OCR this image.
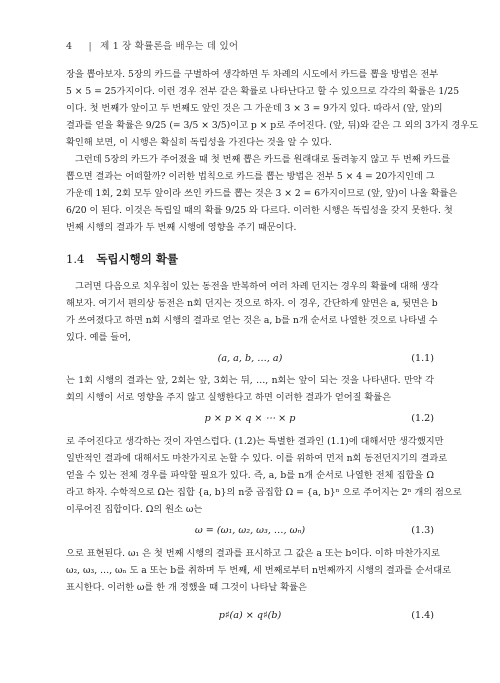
4 | 제 1 장 확률론을 배우는 데 있어
장을 뽑아보자. 5장의 카드를 구별하여 생각하면 두 차례의 시도에서 카드를 뽑을 방법은 전부
5 × 5 = 25가지이다. 이런 경우 전부 같은 확률로 나타난다고 할 수 있으므로 각각의 확률은 1/25
이다. 첫 번째가 앞이고 두 번째도 앞인 것은 그 가운데 3 × 3 = 9가지 있다. 따라서 (앞, 앞)의
결과를 얻을 확률은 9/25 (= 3/5 × 3/5)이고 p × p로 주어진다. (앞, 뒤)와 같은 그 외의 3가지 경우도
확인해 보면, 이 시행은 확실히 독립성을 가진다는 것을 알 수 있다.
그런데 5장의 카드가 주어졌을 때 첫 번째 뽑은 카드를 원래대로 돌려놓지 않고 두 번째 카드를
뽑으면 결과는 어떠할까? 이러한 법칙으로 카드를 뽑는 방법은 전부 5 × 4 = 20가지인데 그
가운데 1회, 2회 모두 앞이라 쓰인 카드를 뽑는 것은 3 × 2 = 6가지이므로 (앞, 앞)이 나올 확률은
6/20 이 된다. 이것은 독립일 때의 확률 9/25 와 다르다. 이러한 시행은 독립성을 갖지 못한다. 첫
번째 시행의 결과가 두 번째 시행에 영향을 주기 때문이다.
1.4 독립시행의 확률
그러면 다음으로 치우침이 있는 동전을 반복하여 여러 차례 던지는 경우의 확률에 대해 생각
해보자. 여기서 편의상 동전은 n회 던지는 것으로 하자. 이 경우, 간단하게 앞면은 a, 뒷면은 b
가 쓰여졌다고 하면 n회 시행의 결과로 얻는 것은 a, b를 n개 순서로 나열한 것으로 나타낼 수
있다. 예를 들어,
(a, a, b, …, a)	(1.1)
는 1회 시행의 결과는 앞, 2회는 앞, 3회는 뒤, …, n회는 앞이 되는 것을 나타낸다. 만약 각
회의 시행이 서로 영향을 주지 않고 실행한다고 하면 이러한 결과가 얻어질 확률은
p × p × q × ⋯ × p	(1.2)
로 주어진다고 생각하는 것이 자연스럽다. (1.2)는 특별한 결과인 (1.1)에 대해서만 생각했지만
일반적인 결과에 대해서도 마찬가지로 논할 수 있다. 이를 위하여 먼저 n회 동전던지기의 결과로
얻을 수 있는 전체 경우를 파악할 필요가 있다. 즉, a, b를 n개 순서로 나열한 전체 집합을 Ω
라고 하자. 수학적으로 Ω는 집합 {a, b}의 n중 곱집합 Ω = {a, b}ⁿ 으로 주어지는 2ⁿ 개의 점으로
이루어진 집합이다. Ω의 원소 ω는
ω = (ω₁, ω₂, ω₃, …, ωₙ)	(1.3)
으로 표현된다. ω₁ 은 첫 번째 시행의 결과를 표시하고 그 값은 a 또는 b이다. 이하 마찬가지로
ω₂, ω₃, …, ωₙ 도 a 또는 b를 취하며 두 번째, 세 번째로부터 n번째까지 시행의 결과를 순서대로
표시한다. 이러한 ω를 한 개 정했을 때 그것이 나타날 확률은
p♯(a) × q♯(b)	(1.4)
